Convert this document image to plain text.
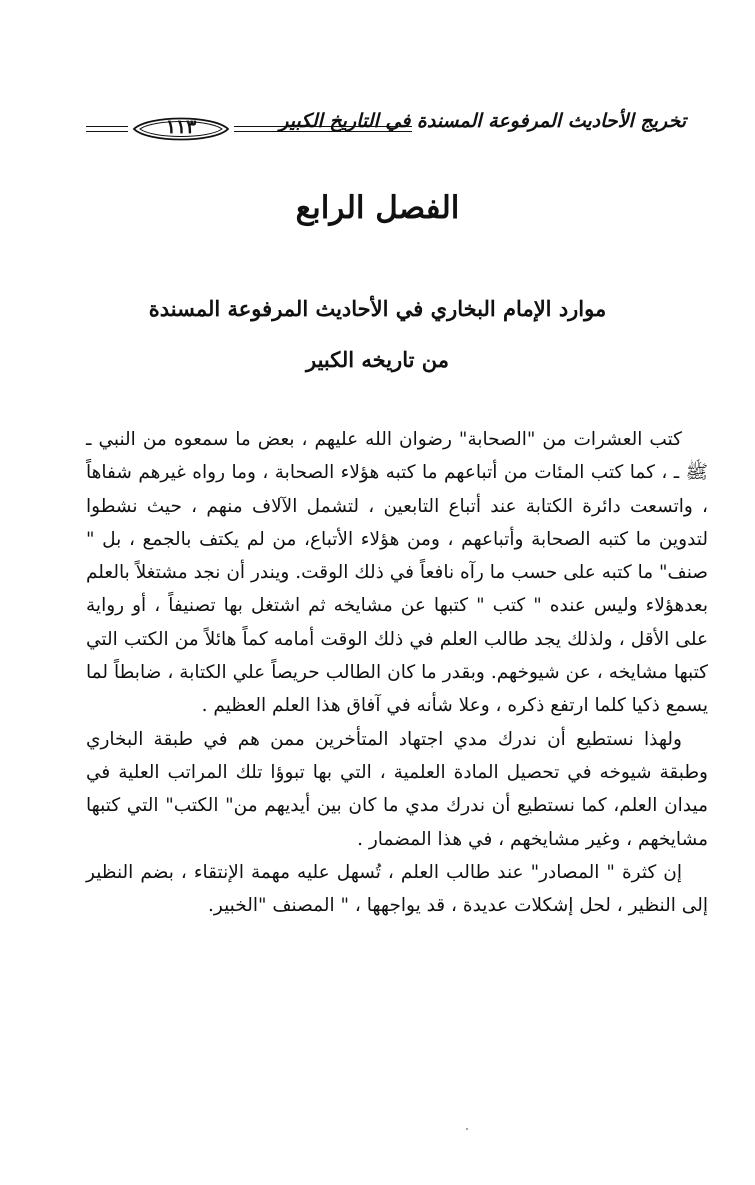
١١٣	تخريج الأحاديث المرفوعة المسندة في التاريخ الكبير
الفصل الرابع
موارد الإمام البخاري في الأحاديث المرفوعة المسندة
من تاريخه الكبير

كتب العشرات من "الصحابة" رضوان الله عليهم ، بعض ما سمعوه من النبي ـ ﷺ ـ ، كما كتب المئات من أتباعهم ما كتبه هؤلاء الصحابة ، وما رواه غيرهم شفاهاً ، واتسعت دائرة الكتابة عند أتباع التابعين ، لتشمل الآلاف منهم ، حيث نشطوا لتدوين ما كتبه الصحابة وأتباعهم ، ومن هؤلاء الأتباع، من لم يكتف بالجمع ، بل " صنف" ما كتبه على حسب ما رآه نافعاً في ذلك الوقت. ويندر أن نجد مشتغلاً بالعلم بعدهؤلاء وليس عنده " كتب " كتبها عن مشايخه ثم اشتغل بها تصنيفاً ، أو رواية على الأقل ، ولذلك يجد طالب العلم في ذلك الوقت أمامه كماً هائلاً من الكتب التي كتبها مشايخه ، عن شيوخهم. وبقدر ما كان الطالب حريصاً علي الكتابة ، ضابطاً لما يسمع ذكيا كلما ارتفع ذكره ، وعلا شأنه في آفاق هذا العلم العظيم .

ولهذا نستطيع أن ندرك مدي اجتهاد المتأخرين ممن هم في طبقة البخاري وطبقة شيوخه في تحصيل المادة العلمية ، التي بها تبوؤا تلك المراتب العلية في ميدان العلم، كما نستطيع أن ندرك مدي ما كان بين أيديهم من" الكتب" التي كتبها مشايخهم ، وغير مشايخهم ، في هذا المضمار .

إن كثرة " المصادر" عند طالب العلم ، تُسهل عليه مهمة الإنتقاء ، بضم النظير إلى النظير ، لحل إشكلات عديدة ، قد يواجهها ، " المصنف "الخبير.
